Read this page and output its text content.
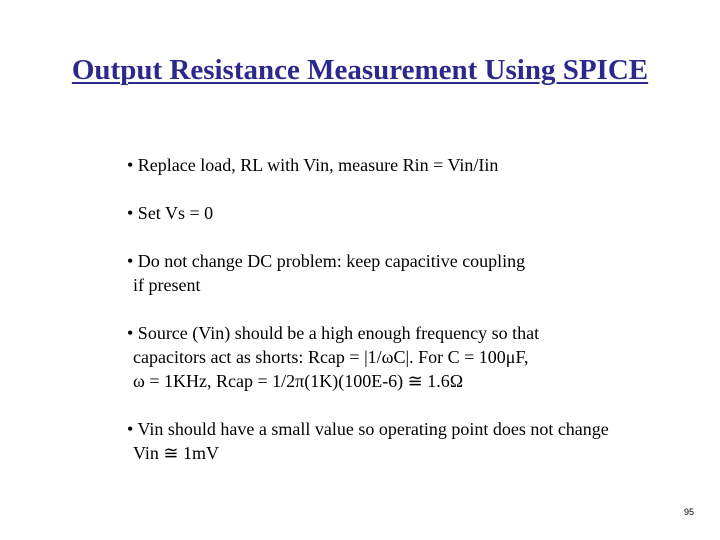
Output Resistance Measurement Using SPICE
• Replace load, RL with Vin, measure Rin = Vin/Iin
• Set Vs = 0
• Do not change DC problem: keep capacitive coupling
if present
• Source (Vin) should be a high enough frequency so that
capacitors act as shorts: Rcap = |1/ωC|. For C = 100μF,
ω = 1KHz, Rcap = 1/2π(1K)(100E-6) ≅ 1.6Ω
• Vin should have a small value so operating point does not change
Vin ≅ 1mV
95
